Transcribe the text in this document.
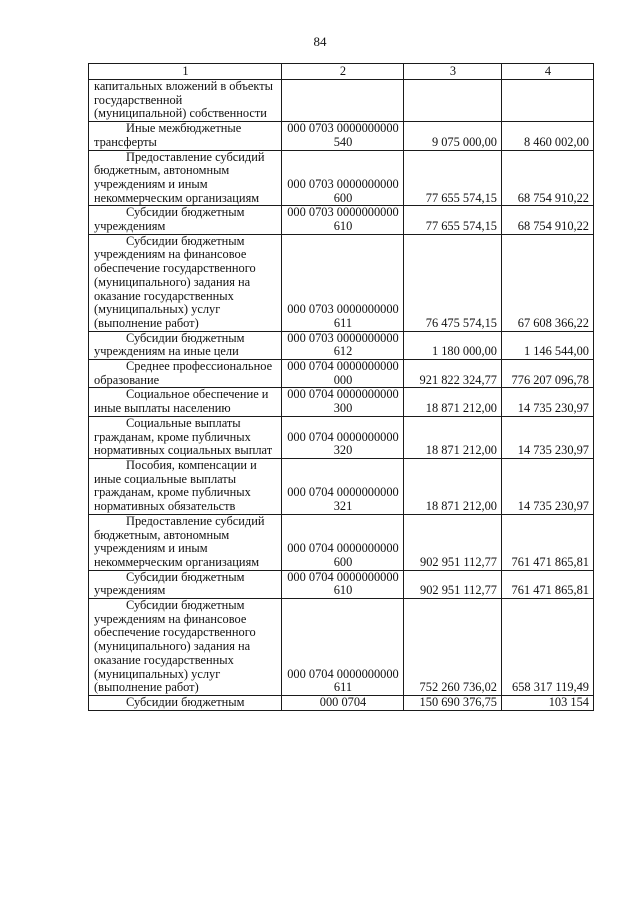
84
1	2	3	4
капитальных вложений в объекты государственной (муниципальной) собственности			
Иные межбюджетные трансферты	000 0703 0000000000 540	9 075 000,00	8 460 002,00
Предоставление субсидий бюджетным, автономным учреждениям и иным некоммерческим организациям	000 0703 0000000000 600	77 655 574,15	68 754 910,22
Субсидии бюджетным учреждениям	000 0703 0000000000 610	77 655 574,15	68 754 910,22
Субсидии бюджетным учреждениям на финансовое обеспечение государственного (муниципального) задания на оказание государственных (муниципальных) услуг (выполнение работ)	000 0703 0000000000 611	76 475 574,15	67 608 366,22
Субсидии бюджетным учреждениям на иные цели	000 0703 0000000000 612	1 180 000,00	1 146 544,00
Среднее профессиональное образование	000 0704 0000000000 000	921 822 324,77	776 207 096,78
Социальное обеспечение и иные выплаты населению	000 0704 0000000000 300	18 871 212,00	14 735 230,97
Социальные выплаты гражданам, кроме публичных нормативных социальных выплат	000 0704 0000000000 320	18 871 212,00	14 735 230,97
Пособия, компенсации и иные социальные выплаты гражданам, кроме публичных нормативных обязательств	000 0704 0000000000 321	18 871 212,00	14 735 230,97
Предоставление субсидий бюджетным, автономным учреждениям и иным некоммерческим организациям	000 0704 0000000000 600	902 951 112,77	761 471 865,81
Субсидии бюджетным учреждениям	000 0704 0000000000 610	902 951 112,77	761 471 865,81
Субсидии бюджетным учреждениям на финансовое обеспечение государственного (муниципального) задания на оказание государственных (муниципальных) услуг (выполнение работ)	000 0704 0000000000 611	752 260 736,02	658 317 119,49
Субсидии бюджетным	000 0704	150 690 376,75	103 154
